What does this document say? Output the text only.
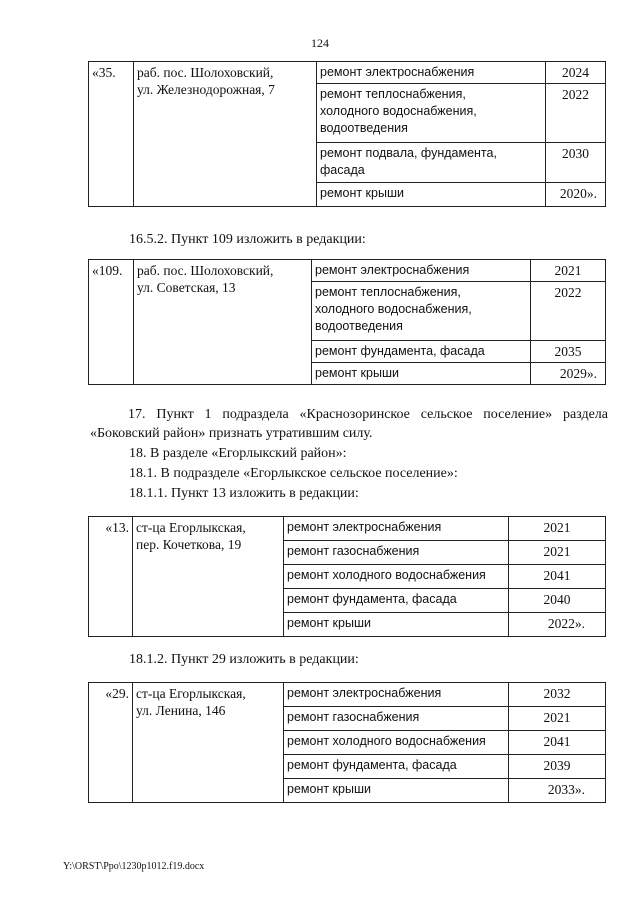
124
«35.	раб. пос. Шолоховский,
ул. Железнодорожная, 7	ремонт электроснабжения	2024
		ремонт теплоснабжения,
холодного водоснабжения,
водоотведения	2022
		ремонт подвала, фундамента,
фасада	2030
		ремонт крыши	2020».
16.5.2. Пункт 109 изложить в редакции:
«109.	раб. пос. Шолоховский,
ул. Советская, 13	ремонт электроснабжения	2021
		ремонт теплоснабжения,
холодного водоснабжения,
водоотведения	2022
		ремонт фундамента, фасада	2035
		ремонт крыши	2029».
17. Пункт 1 подраздела «Краснозоринское сельское поселение» раздела «Боковский район» признать утратившим силу.
18. В разделе «Егорлыкский район»:
18.1. В подразделе «Егорлыкское сельское поселение»:
18.1.1. Пункт 13 изложить в редакции:
«13.	ст-ца Егорлыкская,
пер. Кочеткова, 19	ремонт электроснабжения	2021
		ремонт газоснабжения	2021
		ремонт холодного водоснабжения	2041
		ремонт фундамента, фасада	2040
		ремонт крыши	2022».
18.1.2. Пункт 29 изложить в редакции:
«29.	ст-ца Егорлыкская,
ул. Ленина, 146	ремонт электроснабжения	2032
		ремонт газоснабжения	2021
		ремонт холодного водоснабжения	2041
		ремонт фундамента, фасада	2039
		ремонт крыши	2033».
Y:\ORST\Ppo\1230p1012.f19.docx
